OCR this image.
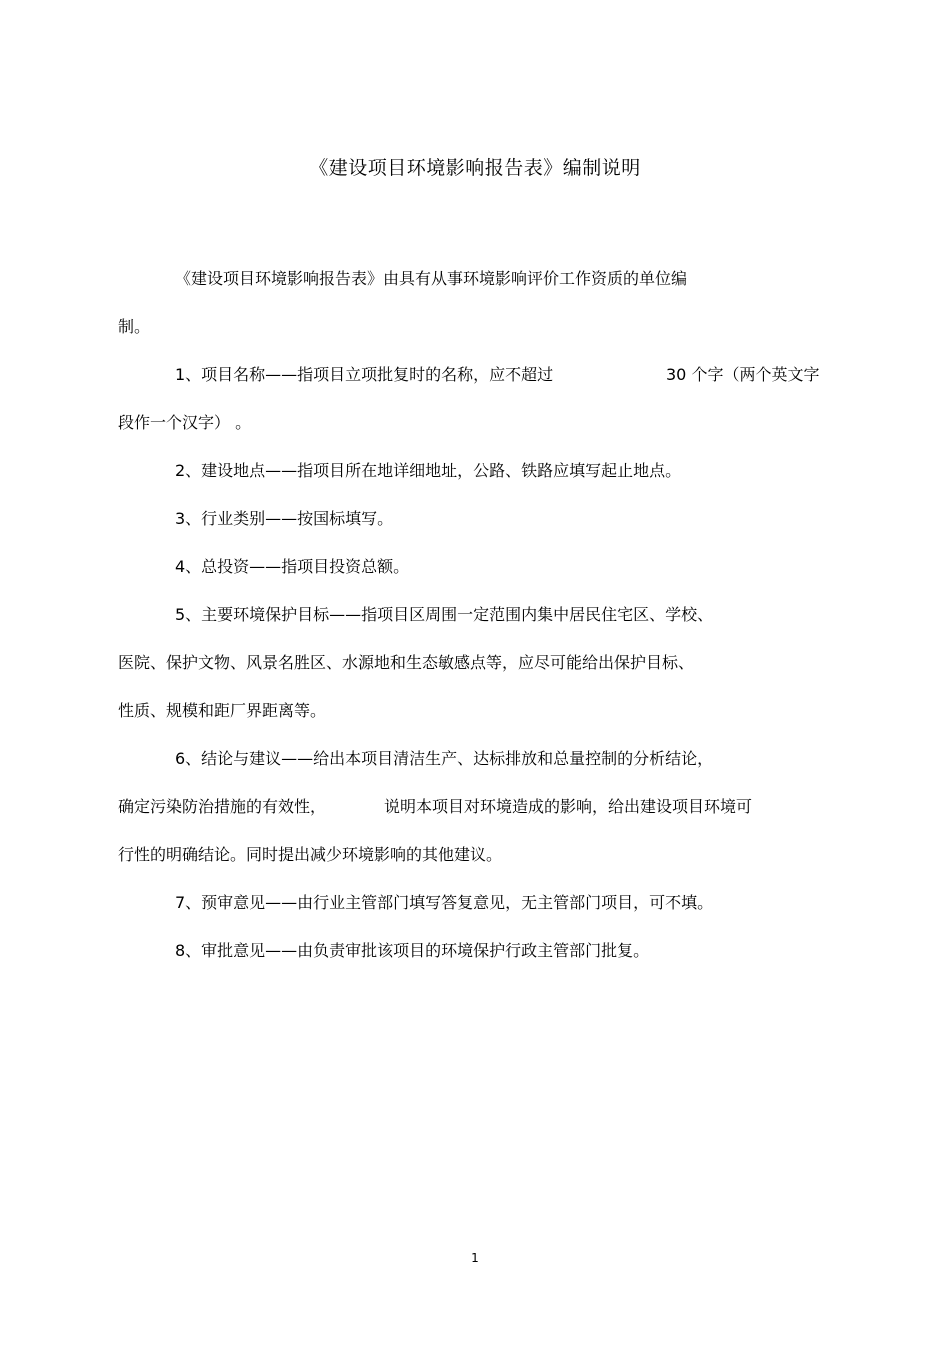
《建设项目环境影响报告表》编制说明
《建设项目环境影响报告表》由具有从事环境影响评价工作资质的单位编
制。
1、项目名称——指项目立项批复时的名称，应不超过	30 个字（两个英文字
段作一个汉字） 。
2、建设地点——指项目所在地详细地址，公路、铁路应填写起止地点。
3、行业类别——按国标填写。
4、总投资——指项目投资总额。
5、主要环境保护目标——指项目区周围一定范围内集中居民住宅区、学校、
医院、保护文物、风景名胜区、水源地和生态敏感点等，应尽可能给出保护目标、
性质、规模和距厂界距离等。
6、结论与建议——给出本项目清洁生产、达标排放和总量控制的分析结论，
确定污染防治措施的有效性，	说明本项目对环境造成的影响，给出建设项目环境可
行性的明确结论。同时提出减少环境影响的其他建议。
7、预审意见——由行业主管部门填写答复意见，无主管部门项目，可不填。
8、审批意见——由负责审批该项目的环境保护行政主管部门批复。
1
